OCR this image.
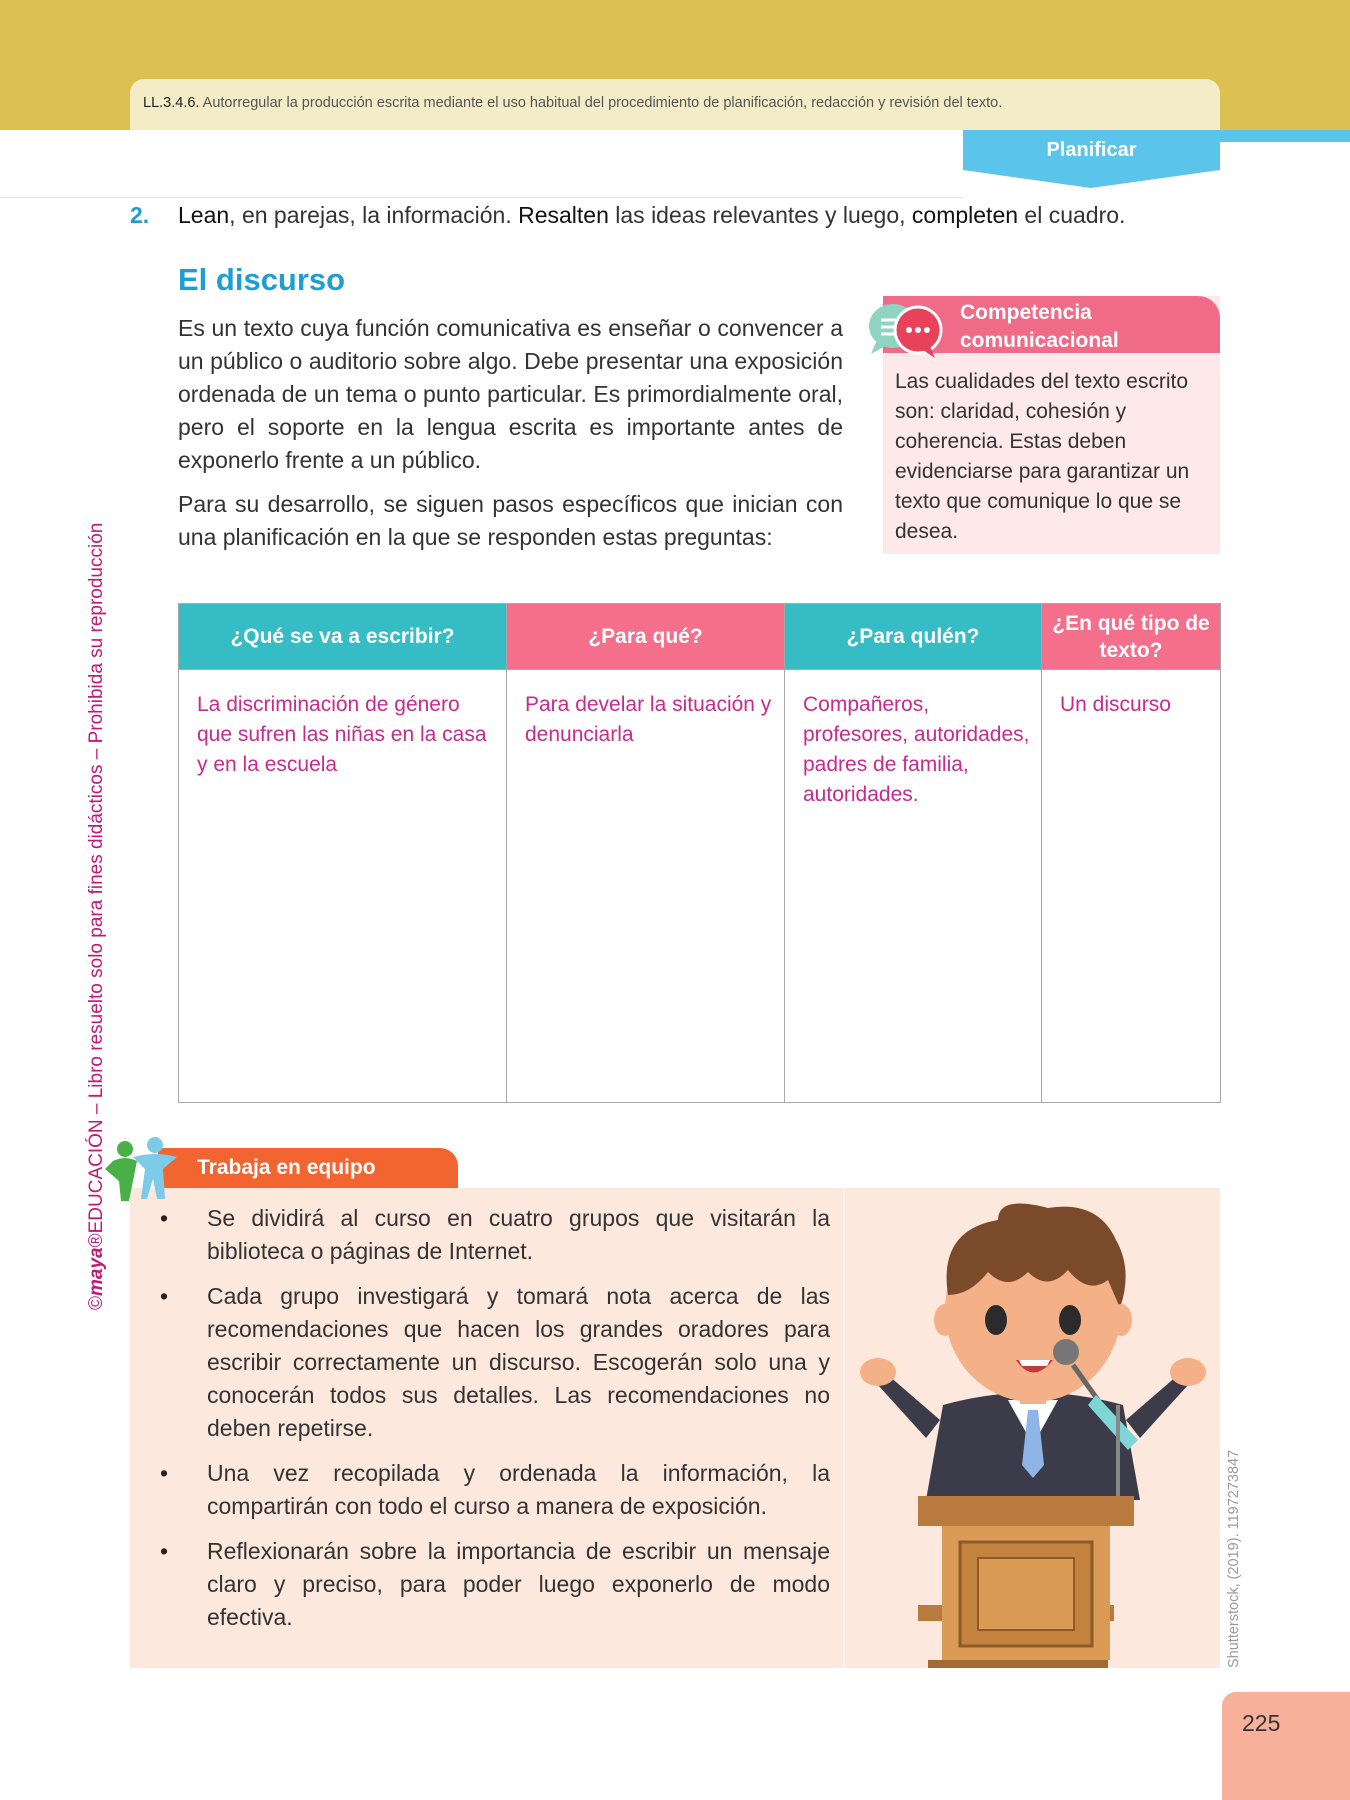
LL.3.4.6. Autorregular la producción escrita mediante el uso habitual del procedimiento de planificación, redacción y revisión del texto.
Planificar
©maya®EDUCACIÓN – Libro resuelto solo para fines didácticos – Prohibida su reproducción
2. Lean, en parejas, la información. Resalten las ideas relevantes y luego, completen el cuadro.
El discurso
Es un texto cuya función comunicativa es enseñar o convencer a un público o auditorio sobre algo. Debe presentar una exposición ordenada de un tema o punto particular. Es primordialmente oral, pero el soporte en la lengua escrita es importante antes de exponerlo frente a un público.
Para su desarrollo, se siguen pasos específicos que inician con una planificación en la que se responden estas preguntas:
Competencia
comunicacional
Las cualidades del texto escrito son: claridad, cohesión y coherencia. Estas deben evidenciarse para garantizar un texto que comunique lo que se desea.
¿Qué se va a escribir?	¿Para qué?	¿Para qulén?	¿En qué tipo de texto?
La discriminación de género que sufren las niñas en la casa y en la escuela	Para develar la situación y denunciarla	Compañeros, profesores, autoridades, padres de familia, autoridades.	Un discurso
Trabaja en equipo
• Se dividirá al curso en cuatro grupos que visitarán la biblioteca o páginas de Internet.
• Cada grupo investigará y tomará nota acerca de las recomendaciones que hacen los grandes oradores para escribir correctamente un discurso. Escogerán solo una y conocerán todos sus detalles. Las recomendaciones no deben repetirse.
• Una vez recopilada y ordenada la información, la compartirán con todo el curso a manera de exposición.
• Reflexionarán sobre la importancia de escribir un mensaje claro y preciso, para poder luego exponerlo de modo efectiva.	Shutterstock, (2019). 1197273847
225
